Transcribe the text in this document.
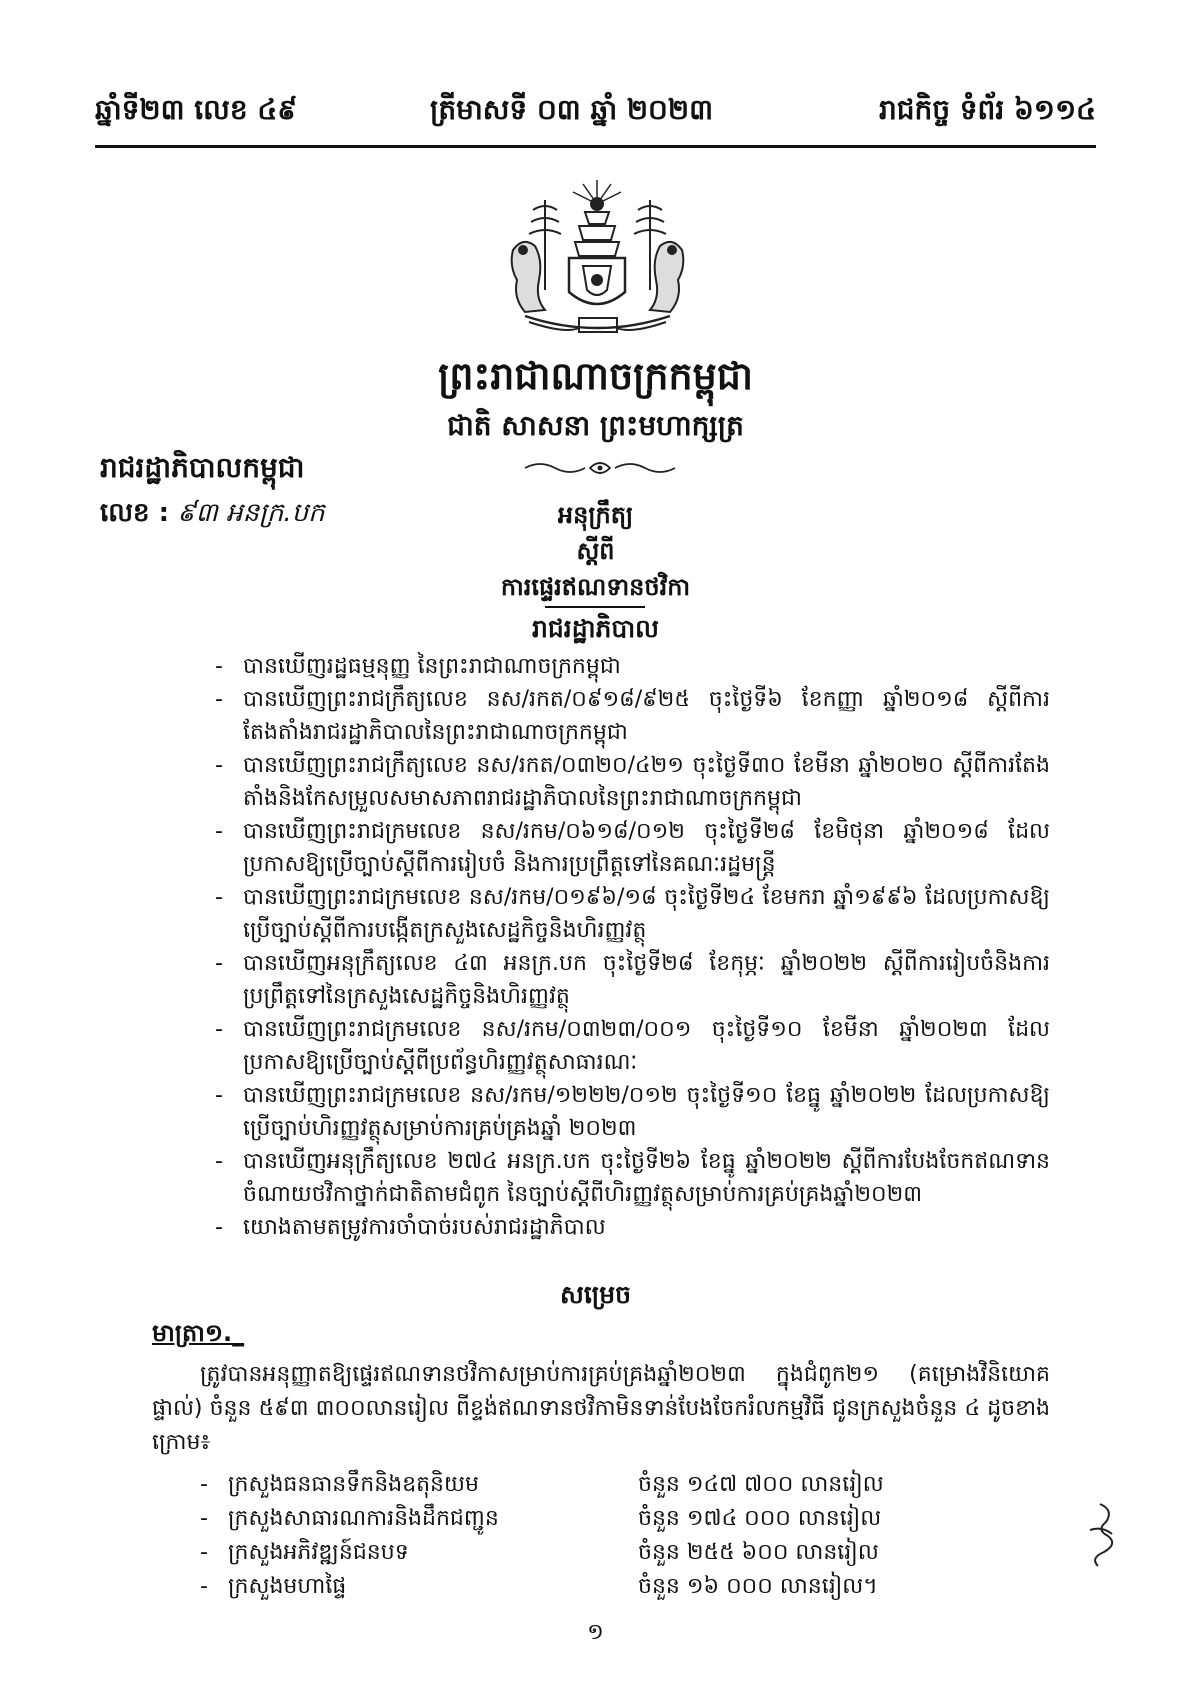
ឆ្នាំទី២៣ លេខ ៤៩	ត្រីមាសទី ០៣ ឆ្នាំ ២០២៣	រាជកិច្ច ទំព័រ ៦១១៤
ព្រះរាជាណាចក្រកម្ពុជា
ជាតិ សាសនា ព្រះមហាក្សត្រ
រាជរដ្ឋាភិបាលកម្ពុជា
លេខ : ៩៣ អនក្រ.បក	អនុក្រឹត្យ
ស្តីពី
ការផ្ទេរឥណទានថវិកា
រាជរដ្ឋាភិបាល
- បានឃើញរដ្ឋធម្មនុញ្ញ នៃព្រះរាជាណាចក្រកម្ពុជា
- បានឃើញព្រះរាជក្រឹត្យលេខ នស/រកត/០៩១៨/៩២៥ ចុះថ្ងៃទី៦ ខែកញ្ញា ឆ្នាំ២០១៨ ស្តីពីការតែងតាំងរាជរដ្ឋាភិបាលនៃព្រះរាជាណាចក្រកម្ពុជា
- បានឃើញព្រះរាជក្រឹត្យលេខ នស/រកត/០៣២០/៤២១ ចុះថ្ងៃទី៣០ ខែមីនា ឆ្នាំ២០២០ ស្តីពីការតែងតាំងនិងកែសម្រួលសមាសភាពរាជរដ្ឋាភិបាលនៃព្រះរាជាណាចក្រកម្ពុជា
- បានឃើញព្រះរាជក្រមលេខ នស/រកម/០៦១៨/០១២ ចុះថ្ងៃទី២៨ ខែមិថុនា ឆ្នាំ២០១៨ ដែលប្រកាសឱ្យប្រើច្បាប់ស្តីពីការរៀបចំ និងការប្រព្រឹត្តទៅនៃគណៈរដ្ឋមន្ត្រី
- បានឃើញព្រះរាជក្រមលេខ នស/រកម/០១៩៦/១៨ ចុះថ្ងៃទី២៤ ខែមករា ឆ្នាំ១៩៩៦ ដែលប្រកាសឱ្យប្រើច្បាប់ស្តីពីការបង្កើតក្រសួងសេដ្ឋកិច្ចនិងហិរញ្ញវត្ថុ
- បានឃើញអនុក្រឹត្យលេខ ៤៣ អនក្រ.បក ចុះថ្ងៃទី២៨ ខែកុម្ភៈ ឆ្នាំ២០២២ ស្តីពីការរៀបចំនិងការប្រព្រឹត្តទៅនៃក្រសួងសេដ្ឋកិច្ចនិងហិរញ្ញវត្ថុ
- បានឃើញព្រះរាជក្រមលេខ នស/រកម/០៣២៣/០០១ ចុះថ្ងៃទី១០ ខែមីនា ឆ្នាំ២០២៣ ដែលប្រកាសឱ្យប្រើច្បាប់ស្តីពីប្រព័ន្ធហិរញ្ញវត្ថុសាធារណៈ
- បានឃើញព្រះរាជក្រមលេខ នស/រកម/១២២២/០១២ ចុះថ្ងៃទី១០ ខែធ្នូ ឆ្នាំ២០២២ ដែលប្រកាសឱ្យប្រើច្បាប់ហិរញ្ញវត្ថុសម្រាប់ការគ្រប់គ្រងឆ្នាំ ២០២៣
- បានឃើញអនុក្រឹត្យលេខ ២៧៤ អនក្រ.បក ចុះថ្ងៃទី២៦ ខែធ្នូ ឆ្នាំ២០២២ ស្តីពីការបែងចែកឥណទានចំណាយថវិកាថ្នាក់ជាតិតាមជំពូក នៃច្បាប់ស្តីពីហិរញ្ញវត្ថុសម្រាប់ការគ្រប់គ្រងឆ្នាំ២០២៣
- យោងតាមតម្រូវការចាំបាច់របស់រាជរដ្ឋាភិបាល
សម្រេច
មាត្រា១._
ត្រូវបានអនុញ្ញាតឱ្យផ្ទេរឥណទានថវិកាសម្រាប់ការគ្រប់គ្រងឆ្នាំ២០២៣ ក្នុងជំពូក២១ (គម្រោងវិនិយោគផ្ទាល់) ចំនួន ៥៩៣ ៣០០លានរៀល ពីខ្ទង់ឥណទានថវិកាមិនទាន់បែងចែករំលកម្មវិធី ជូនក្រសួងចំនួន ៤ ដូចខាងក្រោម៖
- ក្រសួងធនធានទឹកនិងឧតុនិយម	ចំនួន ១៤៧ ៧០០ លានរៀល
- ក្រសួងសាធារណការនិងដឹកជញ្ជូន	ចំនួន ១៧៤ ០០០ លានរៀល
- ក្រសួងអភិវឌ្ឍន៍ជនបទ	ចំនួន ២៥៥ ៦០០ លានរៀល
- ក្រសួងមហាផ្ទៃ	ចំនួន ១៦ ០០០ លានរៀល។
១
